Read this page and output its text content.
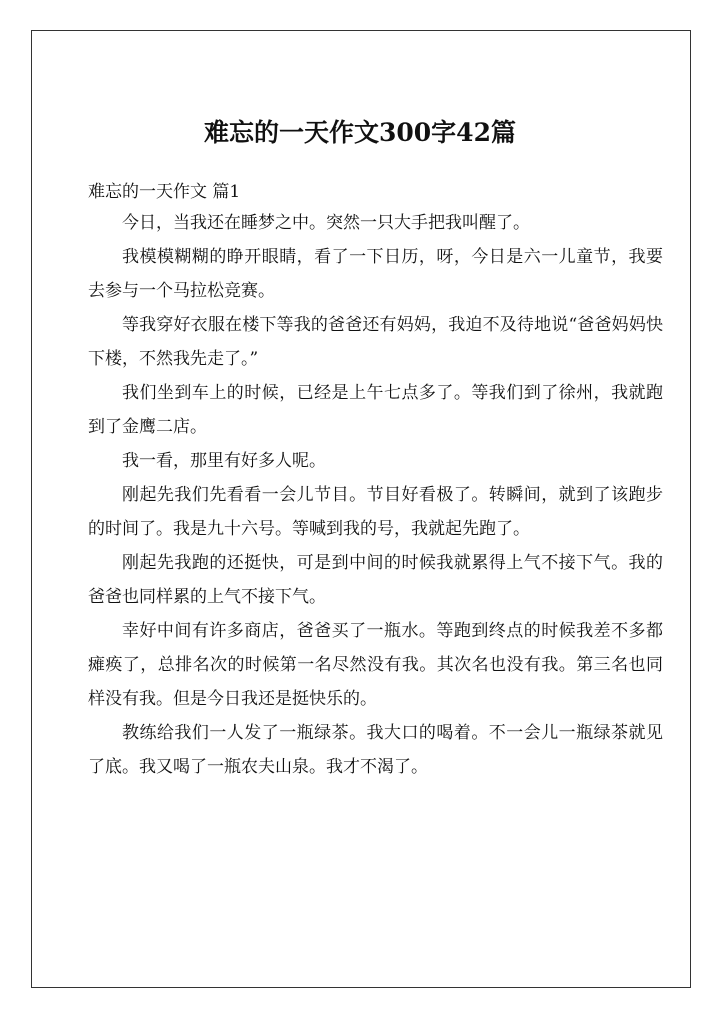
难忘的一天作文300字42篇

难忘的一天作文 篇1

今日，当我还在睡梦之中。突然一只大手把我叫醒了。

我模模糊糊的睁开眼睛，看了一下日历，呀，今日是六一儿童节，我要去参与一个马拉松竞赛。

等我穿好衣服在楼下等我的爸爸还有妈妈，我迫不及待地说“爸爸妈妈快下楼，不然我先走了。”

我们坐到车上的时候，已经是上午七点多了。等我们到了徐州，我就跑到了金鹰二店。

我一看，那里有好多人呢。

刚起先我们先看看一会儿节目。节目好看极了。转瞬间，就到了该跑步的时间了。我是九十六号。等喊到我的号，我就起先跑了。

刚起先我跑的还挺快，可是到中间的时候我就累得上气不接下气。我的爸爸也同样累的上气不接下气。

幸好中间有许多商店，爸爸买了一瓶水。等跑到终点的时候我差不多都瘫痪了，总排名次的时候第一名尽然没有我。其次名也没有我。第三名也同样没有我。但是今日我还是挺快乐的。

教练给我们一人发了一瓶绿茶。我大口的喝着。不一会儿一瓶绿茶就见了底。我又喝了一瓶农夫山泉。我才不渴了。
